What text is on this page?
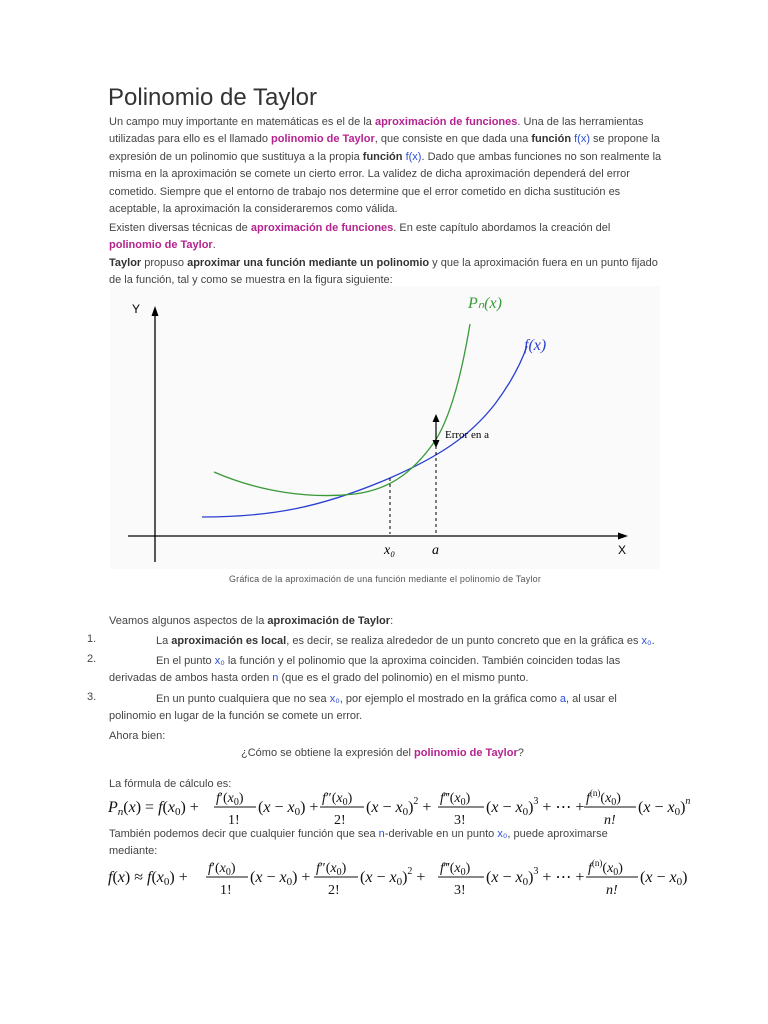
Polinomio de Taylor
Un campo muy importante en matemáticas es el de la aproximación de funciones. Una de las herramientas utilizadas para ello es el llamado polinomio de Taylor, que consiste en que dada una función f(x) se propone la expresión de un polinomio que sustituya a la propia función f(x). Dado que ambas funciones no son realmente la misma en la aproximación se comete un cierto error. La validez de dicha aproximación dependerá del error cometido. Siempre que el entorno de trabajo nos determine que el error cometido en dicha sustitución es aceptable, la aproximación la consideraremos como válida.
Existen diversas técnicas de aproximación de funciones. En este capítulo abordamos la creación del polinomio de Taylor.
Taylor propuso aproximar una función mediante un polinomio y que la aproximación fuera en un punto fijado de la función, tal y como se muestra en la figura siguiente:
Y
X
Error en a
Pₙ(x)
f(x)
x₀	a
Gráfica de la aproximación de una función mediante el polinomio de Taylor
Veamos algunos aspectos de la aproximación de Taylor:
1.	La aproximación es local, es decir, se realiza alrededor de un punto concreto que en la gráfica es x₀.
2.	En el punto x₀ la función y el polinomio que la aproxima coinciden. También coinciden todas las derivadas de ambos hasta orden n (que es el grado del polinomio) en el mismo punto.
3.	En un punto cualquiera que no sea x₀, por ejemplo el mostrado en la gráfica como a, al usar el polinomio en lugar de la función se comete un error.
Ahora bien:
¿Cómo se obtiene la expresión del polinomio de Taylor?
La fórmula de cálculo es:
Pn(x) = f(x0) +
$f'(x_0)$
1!
(x − x0) +
$f''(x_0)$
2!
$(x - x0)^2$ +
$f‴(x_0)$
3!
$(x - x0)^3$ + ⋯ +
$f^{(n)}(x_0)$
n!
$(x - x0)^n$
También podemos decir que cualquier función que sea n-derivable en un punto x₀, puede aproximarse mediante:
f(x) ≈ f(x0) +
$f'(x_0)$
1!
(x − x0) +
$f''(x_0)$
2!
$(x - x0)^2$ +
$f‴(x_0)$
3!
$(x - x0)^3$ + ⋯ +
$f^{(n)}(x_0)$
n!
(x − x0)
